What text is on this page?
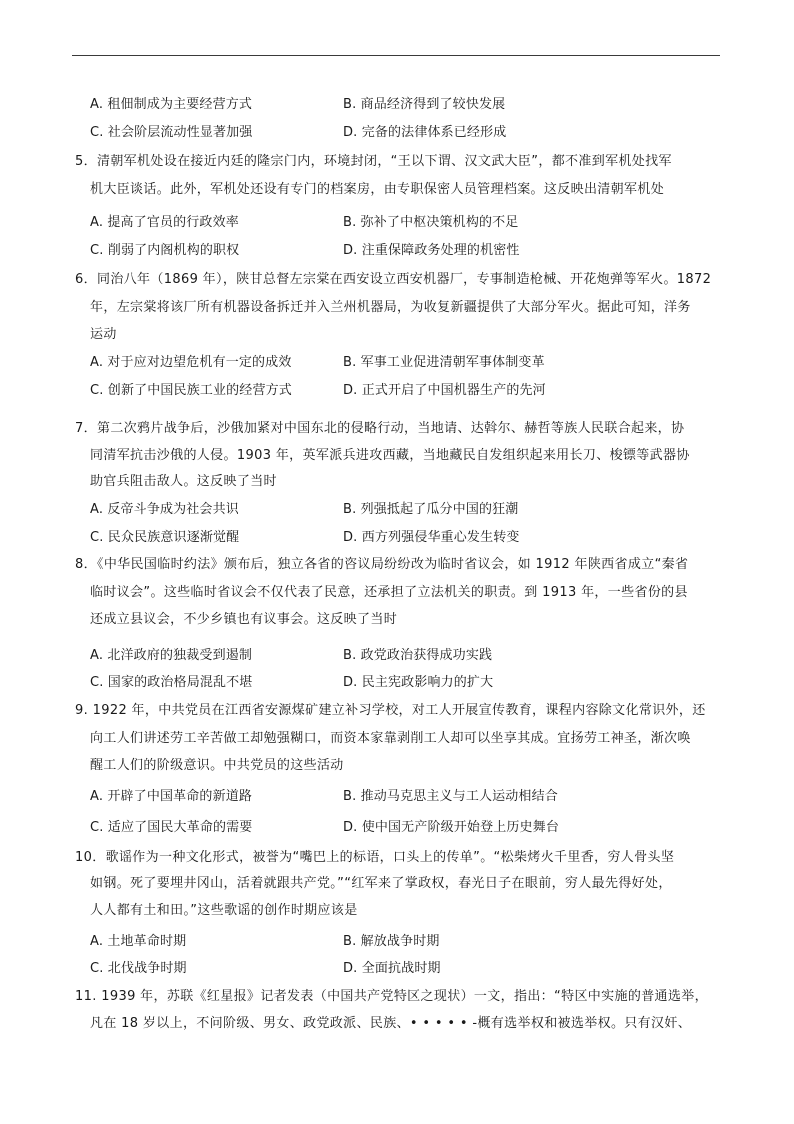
A. 租佃制成为主要经营方式	B. 商品经济得到了较快发展
C. 社会阶层流动性显著加强	D. 完备的法律体系已经形成
5．清朝军机处设在接近内廷的隆宗门内，环境封闭，“王以下谓、汉文武大臣”，都不准到军机处找军
机大臣谈话。此外，军机处还设有专门的档案房，由专职保密人员管理档案。这反映出清朝军机处
A. 提高了官员的行政效率	B. 弥补了中枢决策机构的不足
C. 削弱了内阁机构的职权	D. 注重保障政务处理的机密性
6．同治八年（1869 年），陕甘总督左宗棠在西安设立西安机器厂，专事制造枪械、开花炮弹等军火。1872
年，左宗棠将该厂所有机器设备拆迁并入兰州机器局，为收复新疆提供了大部分军火。据此可知，洋务
运动
A. 对于应对边望危机有一定的成效	B. 军事工业促进清朝军事体制变革
C. 创新了中国民族工业的经营方式	D. 正式开启了中国机器生产的先河
7．第二次鸦片战争后，沙俄加紧对中国东北的侵略行动，当地请、达斡尔、赫哲等族人民联合起来，协
同清军抗击沙俄的人侵。1903 年，英军派兵进攻西藏，当地藏民自发组织起来用长刀、梭镖等武器协
助官兵阻击敌人。这反映了当时
A. 反帝斗争成为社会共识	B. 列强抵起了瓜分中国的狂潮
C. 民众民族意识逐渐觉醒	D. 西方列强侵华重心发生转变
8．《中华民国临时约法》颁布后，独立各省的咨议局纷纷改为临时省议会，如 1912 年陕西省成立“秦省
临时议会”。这些临时省议会不仅代表了民意，还承担了立法机关的职责。到 1913 年，一些省份的县
还成立县议会，不少乡镇也有议事会。这反映了当时
A. 北洋政府的独裁受到遏制	B. 政党政治获得成功实践
C. 国家的政治格局混乱不堪	D. 民主宪政影响力的扩大
9. 1922 年，中共党员在江西省安源煤矿建立补习学校，对工人开展宣传教育，课程内容除文化常识外，还
向工人们讲述劳工辛苦做工却勉强糊口，而资本家靠剥削工人却可以坐享其成。宜扬劳工神圣，渐次唤
醒工人们的阶级意识。中共党员的这些活动
A. 开辟了中国革命的新道路	B. 推动马克思主义与工人运动相结合
C. 适应了国民大革命的需要	D. 使中国无产阶级开始登上历史舞台
10．歌谣作为一种文化形式，被誉为“嘴巴上的标语，口头上的传单”。“松柴烤火千里香，穷人骨头坚
如钢。死了要埋井冈山，活着就跟共产党。”“红军来了掌政权，春光日子在眼前，穷人最先得好处，
人人都有土和田。”这些歌谣的创作时期应该是
A. 土地革命时期	B. 解放战争时期
C. 北伐战争时期	D. 全面抗战时期
11. 1939 年，苏联《红星报》记者发表（中国共产党特区之现状）一文，指出：“特区中实施的普通选举，
凡在 18 岁以上，不问阶级、男女、政党政派、民族、• • • • • -概有选举权和被选举权。只有汉奸、
